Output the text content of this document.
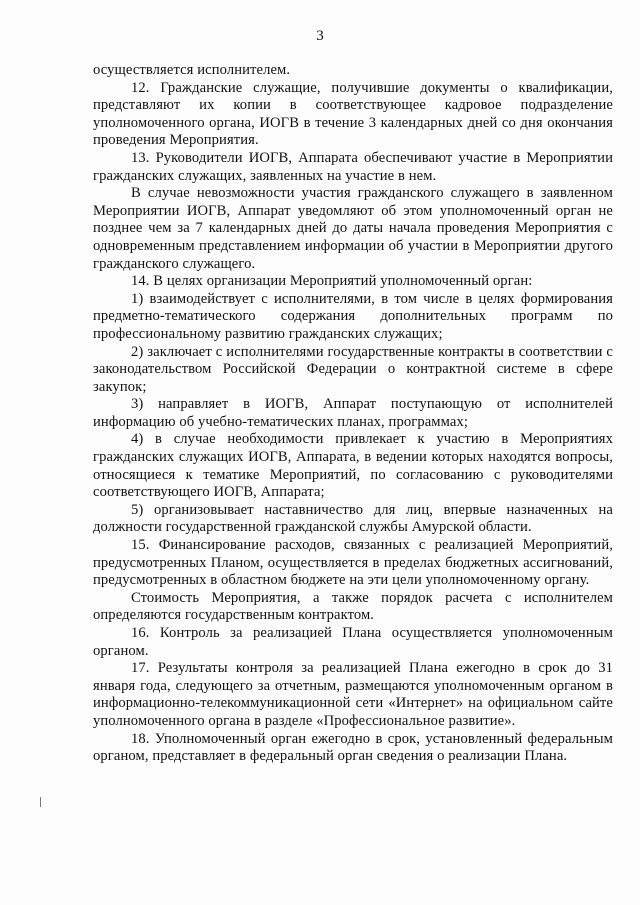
3

осуществляется исполнителем.

12. Гражданские служащие, получившие документы о квалификации, представляют их копии в соответствующее кадровое подразделение уполномоченного органа, ИОГВ в течение 3 календарных дней со дня окончания проведения Мероприятия.

13. Руководители ИОГВ, Аппарата обеспечивают участие в Мероприятии гражданских служащих, заявленных на участие в нем.

В случае невозможности участия гражданского служащего в заявленном Мероприятии ИОГВ, Аппарат уведомляют об этом уполномоченный орган не позднее чем за 7 календарных дней до даты начала проведения Мероприятия с одновременным представлением информации об участии в Мероприятии другого гражданского служащего.

14. В целях организации Мероприятий уполномоченный орган:

1) взаимодействует с исполнителями, в том числе в целях формирования предметно-тематического содержания дополнительных программ по профессиональному развитию гражданских служащих;

2) заключает с исполнителями государственные контракты в соответствии с законодательством Российской Федерации о контрактной системе в сфере закупок;

3) направляет в ИОГВ, Аппарат поступающую от исполнителей информацию об учебно-тематических планах, программах;

4) в случае необходимости привлекает к участию в Мероприятиях гражданских служащих ИОГВ, Аппарата, в ведении которых находятся вопросы, относящиеся к тематике Мероприятий, по согласованию с руководителями соответствующего ИОГВ, Аппарата;

5) организовывает наставничество для лиц, впервые назначенных на должности государственной гражданской службы Амурской области.

15. Финансирование расходов, связанных с реализацией Мероприятий, предусмотренных Планом, осуществляется в пределах бюджетных ассигнований, предусмотренных в областном бюджете на эти цели уполномоченному органу.

Стоимость Мероприятия, а также порядок расчета с исполнителем определяются государственным контрактом.

16. Контроль за реализацией Плана осуществляется уполномоченным органом.

17. Результаты контроля за реализацией Плана ежегодно в срок до 31 января года, следующего за отчетным, размещаются уполномоченным органом в информационно-телекоммуникационной сети «Интернет» на официальном сайте уполномоченного органа в разделе «Профессиональное развитие».

18. Уполномоченный орган ежегодно в срок, установленный федеральным органом, представляет в федеральный орган сведения о реализации Плана.
